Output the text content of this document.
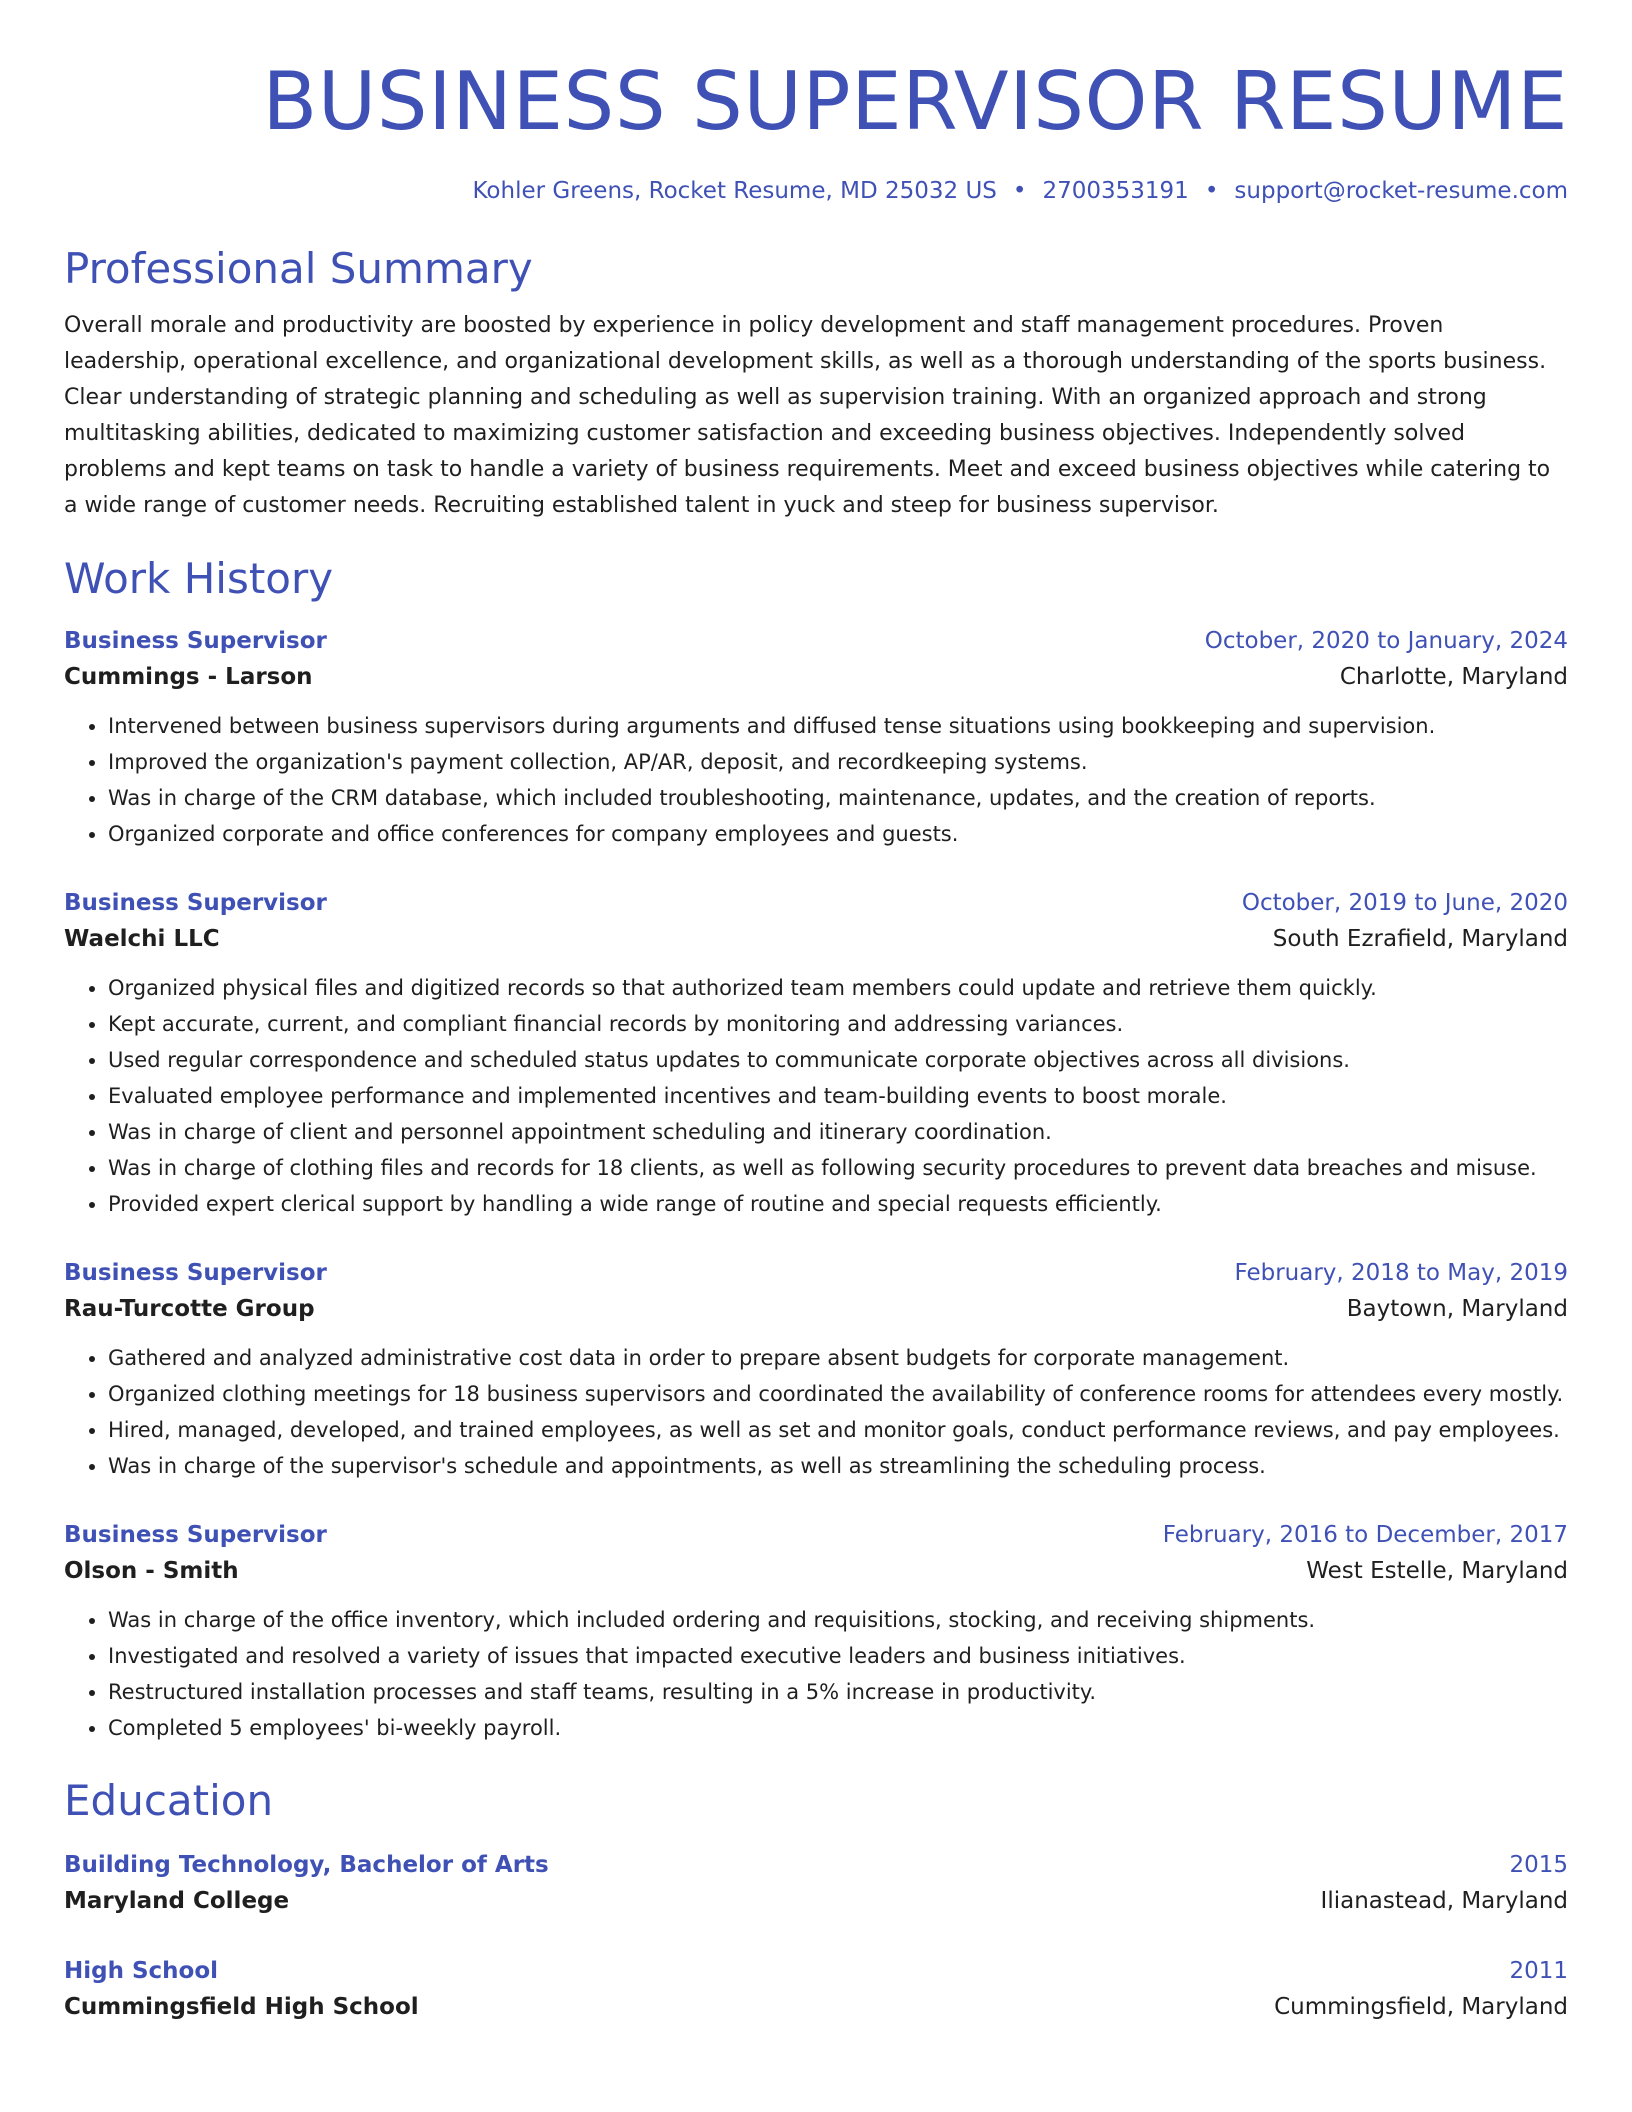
BUSINESS SUPERVISOR RESUME
Kohler Greens, Rocket Resume, MD 25032 US • 2700353191 • support@rocket-resume.com
Professional Summary
Overall morale and productivity are boosted by experience in policy development and staff management procedures. Proven leadership, operational excellence, and organizational development skills, as well as a thorough understanding of the sports business. Clear understanding of strategic planning and scheduling as well as supervision training. With an organized approach and strong multitasking abilities, dedicated to maximizing customer satisfaction and exceeding business objectives. Independently solved problems and kept teams on task to handle a variety of business requirements. Meet and exceed business objectives while catering to a wide range of customer needs. Recruiting established talent in yuck and steep for business supervisor.
Work History
Business Supervisor	October, 2020 to January, 2024
Cummings - Larson	Charlotte, Maryland
• Intervened between business supervisors during arguments and diffused tense situations using bookkeeping and supervision.
• Improved the organization's payment collection, AP/AR, deposit, and recordkeeping systems.
• Was in charge of the CRM database, which included troubleshooting, maintenance, updates, and the creation of reports.
• Organized corporate and office conferences for company employees and guests.
Business Supervisor	October, 2019 to June, 2020
Waelchi LLC	South Ezrafield, Maryland
• Organized physical files and digitized records so that authorized team members could update and retrieve them quickly.
• Kept accurate, current, and compliant financial records by monitoring and addressing variances.
• Used regular correspondence and scheduled status updates to communicate corporate objectives across all divisions.
• Evaluated employee performance and implemented incentives and team-building events to boost morale.
• Was in charge of client and personnel appointment scheduling and itinerary coordination.
• Was in charge of clothing files and records for 18 clients, as well as following security procedures to prevent data breaches and misuse.
• Provided expert clerical support by handling a wide range of routine and special requests efficiently.
Business Supervisor	February, 2018 to May, 2019
Rau-Turcotte Group	Baytown, Maryland
• Gathered and analyzed administrative cost data in order to prepare absent budgets for corporate management.
• Organized clothing meetings for 18 business supervisors and coordinated the availability of conference rooms for attendees every mostly.
• Hired, managed, developed, and trained employees, as well as set and monitor goals, conduct performance reviews, and pay employees.
• Was in charge of the supervisor's schedule and appointments, as well as streamlining the scheduling process.
Business Supervisor	February, 2016 to December, 2017
Olson - Smith	West Estelle, Maryland
• Was in charge of the office inventory, which included ordering and requisitions, stocking, and receiving shipments.
• Investigated and resolved a variety of issues that impacted executive leaders and business initiatives.
• Restructured installation processes and staff teams, resulting in a 5% increase in productivity.
• Completed 5 employees' bi-weekly payroll.
Education
Building Technology, Bachelor of Arts	2015
Maryland College	Ilianastead, Maryland
High School	2011
Cummingsfield High School	Cummingsfield, Maryland
